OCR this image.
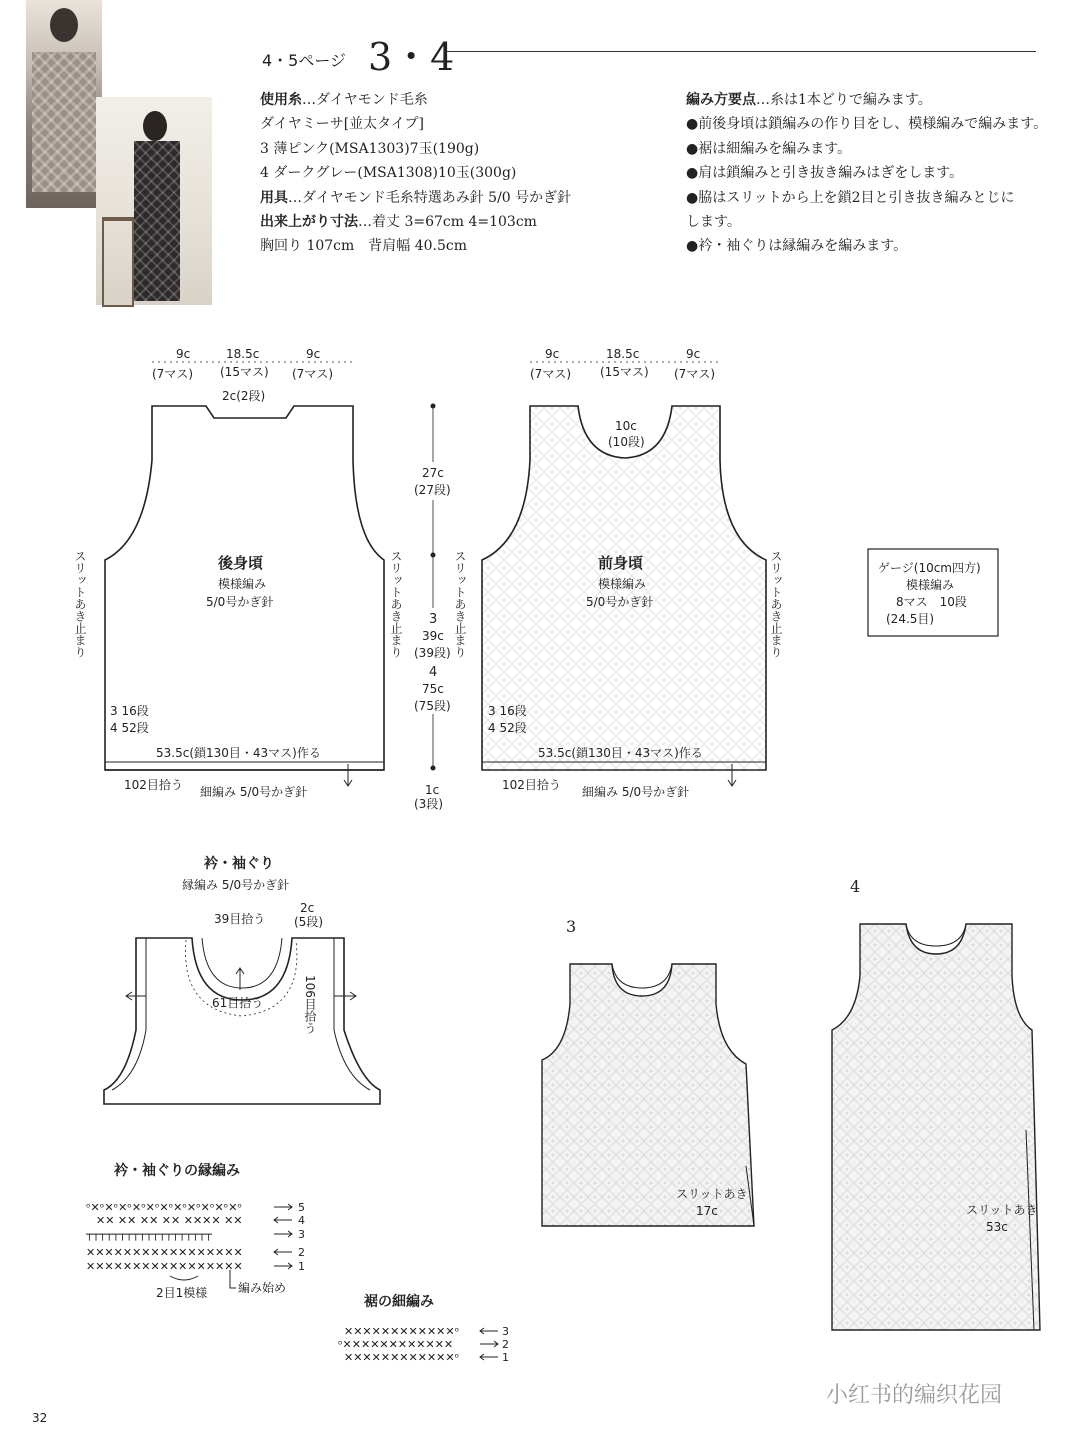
4・5ページ 3・4
使用糸…ダイヤモンド毛糸
ダイヤミーサ[並太タイプ]
3 薄ピンク(MSA1303)7玉(190g)
4 ダークグレー(MSA1308)10玉(300g)
用具…ダイヤモンド毛糸特選あみ針 5/0 号かぎ針
出来上がり寸法…着丈 3=67cm 4=103cm
胸回り 107cm　背肩幅 40.5cm
編み方要点…糸は1本どりで編みます。
●前後身頃は鎖編みの作り目をし、模様編みで編みます。
●裾は細編みを編みます。
●肩は鎖編みと引き抜き編みはぎをします。
●脇はスリットから上を鎖2目と引き抜き編みとじに
します。
●衿・袖ぐりは縁編みを編みます。
9c
(7マス)
18.5c
(15マス)
9c
(7マス)
2c(2段)
後身頃
模様編み
5/0号かぎ針
スリットあき止まり	スリットあき止まり
3 16段
4 52段
53.5c(鎖130目・43マス)作る
102目拾う 細編み 5/0号かぎ針
27c
(27段)
3
39c
(39段)
4
75c
(75段)
1c
(3段)
9c
(7マス)
18.5c
(15マス)
9c
(7マス)
10c
(10段)
前身頃
模様編み
5/0号かぎ針
スリットあき止まり	スリットあき止まり
3 16段
4 52段
53.5c(鎖130目・43マス)作る
102目拾う 細編み 5/0号かぎ針
ゲージ(10cm四方)
模様編み
8マス　10段
(24.5目)
衿・袖ぐり
縁編み 5/0号かぎ針
39目拾う
2c
(5段)
61目拾う	106目拾う
衿・袖ぐりの縁編み
ᵒ✕ᵒ✕ᵒ✕ᵒ✕ᵒ✕ᵒ✕ᵒ✕ᵒ✕ᵒ✕ᵒ✕ᵒ✕ᵒ
✕✕ ✕✕ ✕✕ ✕✕ ✕✕✕✕ ✕✕
┬┬┬┬┬┬┬┬┬┬┬┬┬┬┬┬┬┬┬
✕✕✕✕✕✕✕✕✕✕✕✕✕✕✕✕✕
✕✕✕✕✕✕✕✕✕✕✕✕✕✕✕✕✕
5
4
3
2
1
2目1模様	編み始め
裾の細編み
✕✕✕✕✕✕✕✕✕✕✕✕ᵒ
ᵒ✕✕✕✕✕✕✕✕✕✕✕✕
✕✕✕✕✕✕✕✕✕✕✕✕ᵒ
3
2
1
3
スリットあき
17c
4
スリットあき
53c
32
小红书的编织花园
